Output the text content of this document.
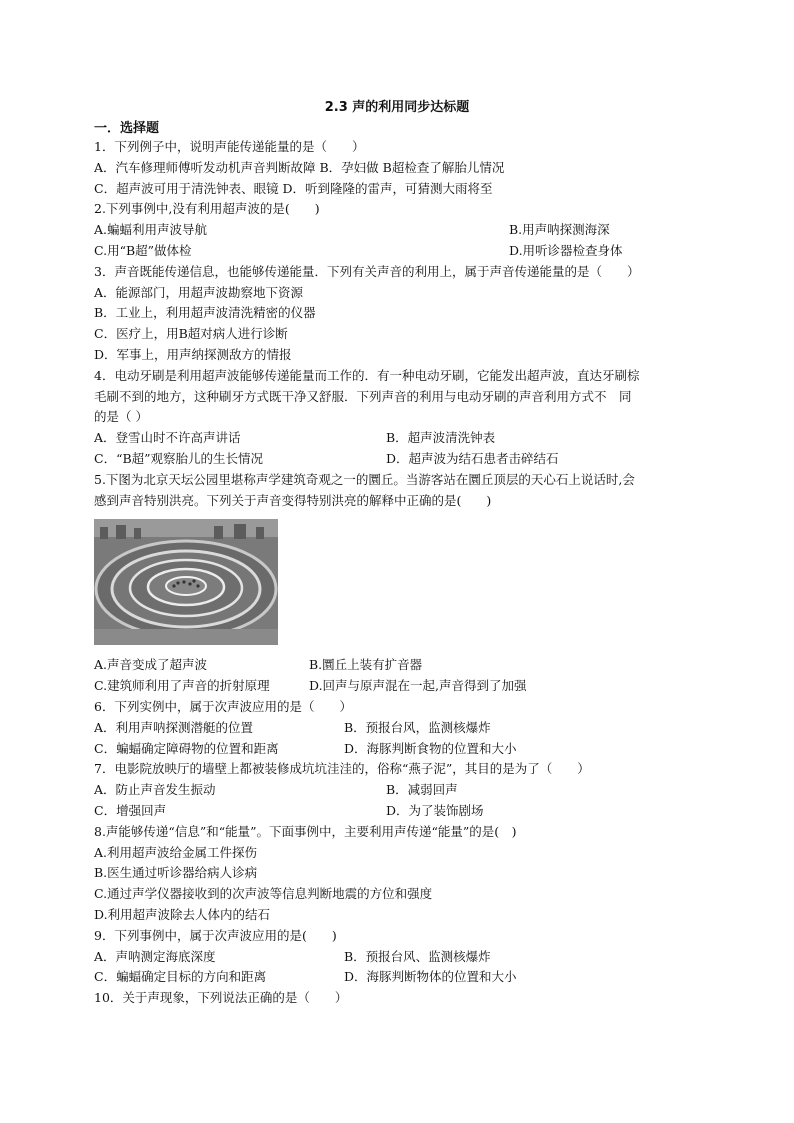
2.3 声的利用同步达标题
一．选择题
1．下列例子中，说明声能传递能量的是（　　）
A．汽车修理师傅听发动机声音判断故障 B．孕妇做 B超检查了解胎儿情况
C．超声波可用于清洗钟表、眼镜 D．听到隆隆的雷声，可猜测大雨将至
2.下列事例中,没有利用超声波的是(　　)
A.蝙蝠利用声波导航	B.用声呐探测海深
C.用“B超”做体检	D.用听诊器检查身体
3．声音既能传递信息，也能够传递能量．下列有关声音的利用上，属于声音传递能量的是（　　）
A．能源部门，用超声波勘察地下资源
B．工业上，利用超声波清洗精密的仪器
C．医疗上，用B超对病人进行诊断
D．军事上，用声纳探测敌方的情报
4．电动牙刷是利用超声波能够传递能量而工作的．有一种电动牙刷，它能发出超声波，直达牙刷棕
毛刷不到的地方，这种刷牙方式既干净又舒服．下列声音的利用与电动牙刷的声音利用方式不　同
的是（ ）
A．登雪山时不许高声讲话	B．超声波清洗钟表
C．“B超”观察胎儿的生长情况	D．超声波为结石患者击碎结石
5.下图为北京天坛公园里堪称声学建筑奇观之一的圜丘。当游客站在圜丘顶层的天心石上说话时,会
感到声音特别洪亮。下列关于声音变得特别洪亮的解释中正确的是(　　)
A.声音变成了超声波	B.圜丘上装有扩音器
C.建筑师利用了声音的折射原理	D.回声与原声混在一起,声音得到了加强
6．下列实例中，属于次声波应用的是（　　）
A．利用声呐探测潜艇的位置	B．预报台风，监测核爆炸
C．蝙蝠确定障碍物的位置和距离	D．海豚判断食物的位置和大小
7．电影院放映厅的墙壁上都被装修成坑坑洼洼的，俗称“燕子泥”，其目的是为了（　　）
A．防止声音发生振动	B．减弱回声
C．增强回声	D．为了装饰剧场
8.声能够传递“信息”和“能量”。下面事例中，主要利用声传递“能量”的是(　)
A.利用超声波给金属工件探伤
B.医生通过听诊器给病人诊病
C.通过声学仪器接收到的次声波等信息判断地震的方位和强度
D.利用超声波除去人体内的结石
9．下列事例中，属于次声波应用的是(　　)
A．声呐测定海底深度	B．预报台风、监测核爆炸
C．蝙蝠确定目标的方向和距离	D．海豚判断物体的位置和大小
10．关于声现象，下列说法正确的是（　　）
